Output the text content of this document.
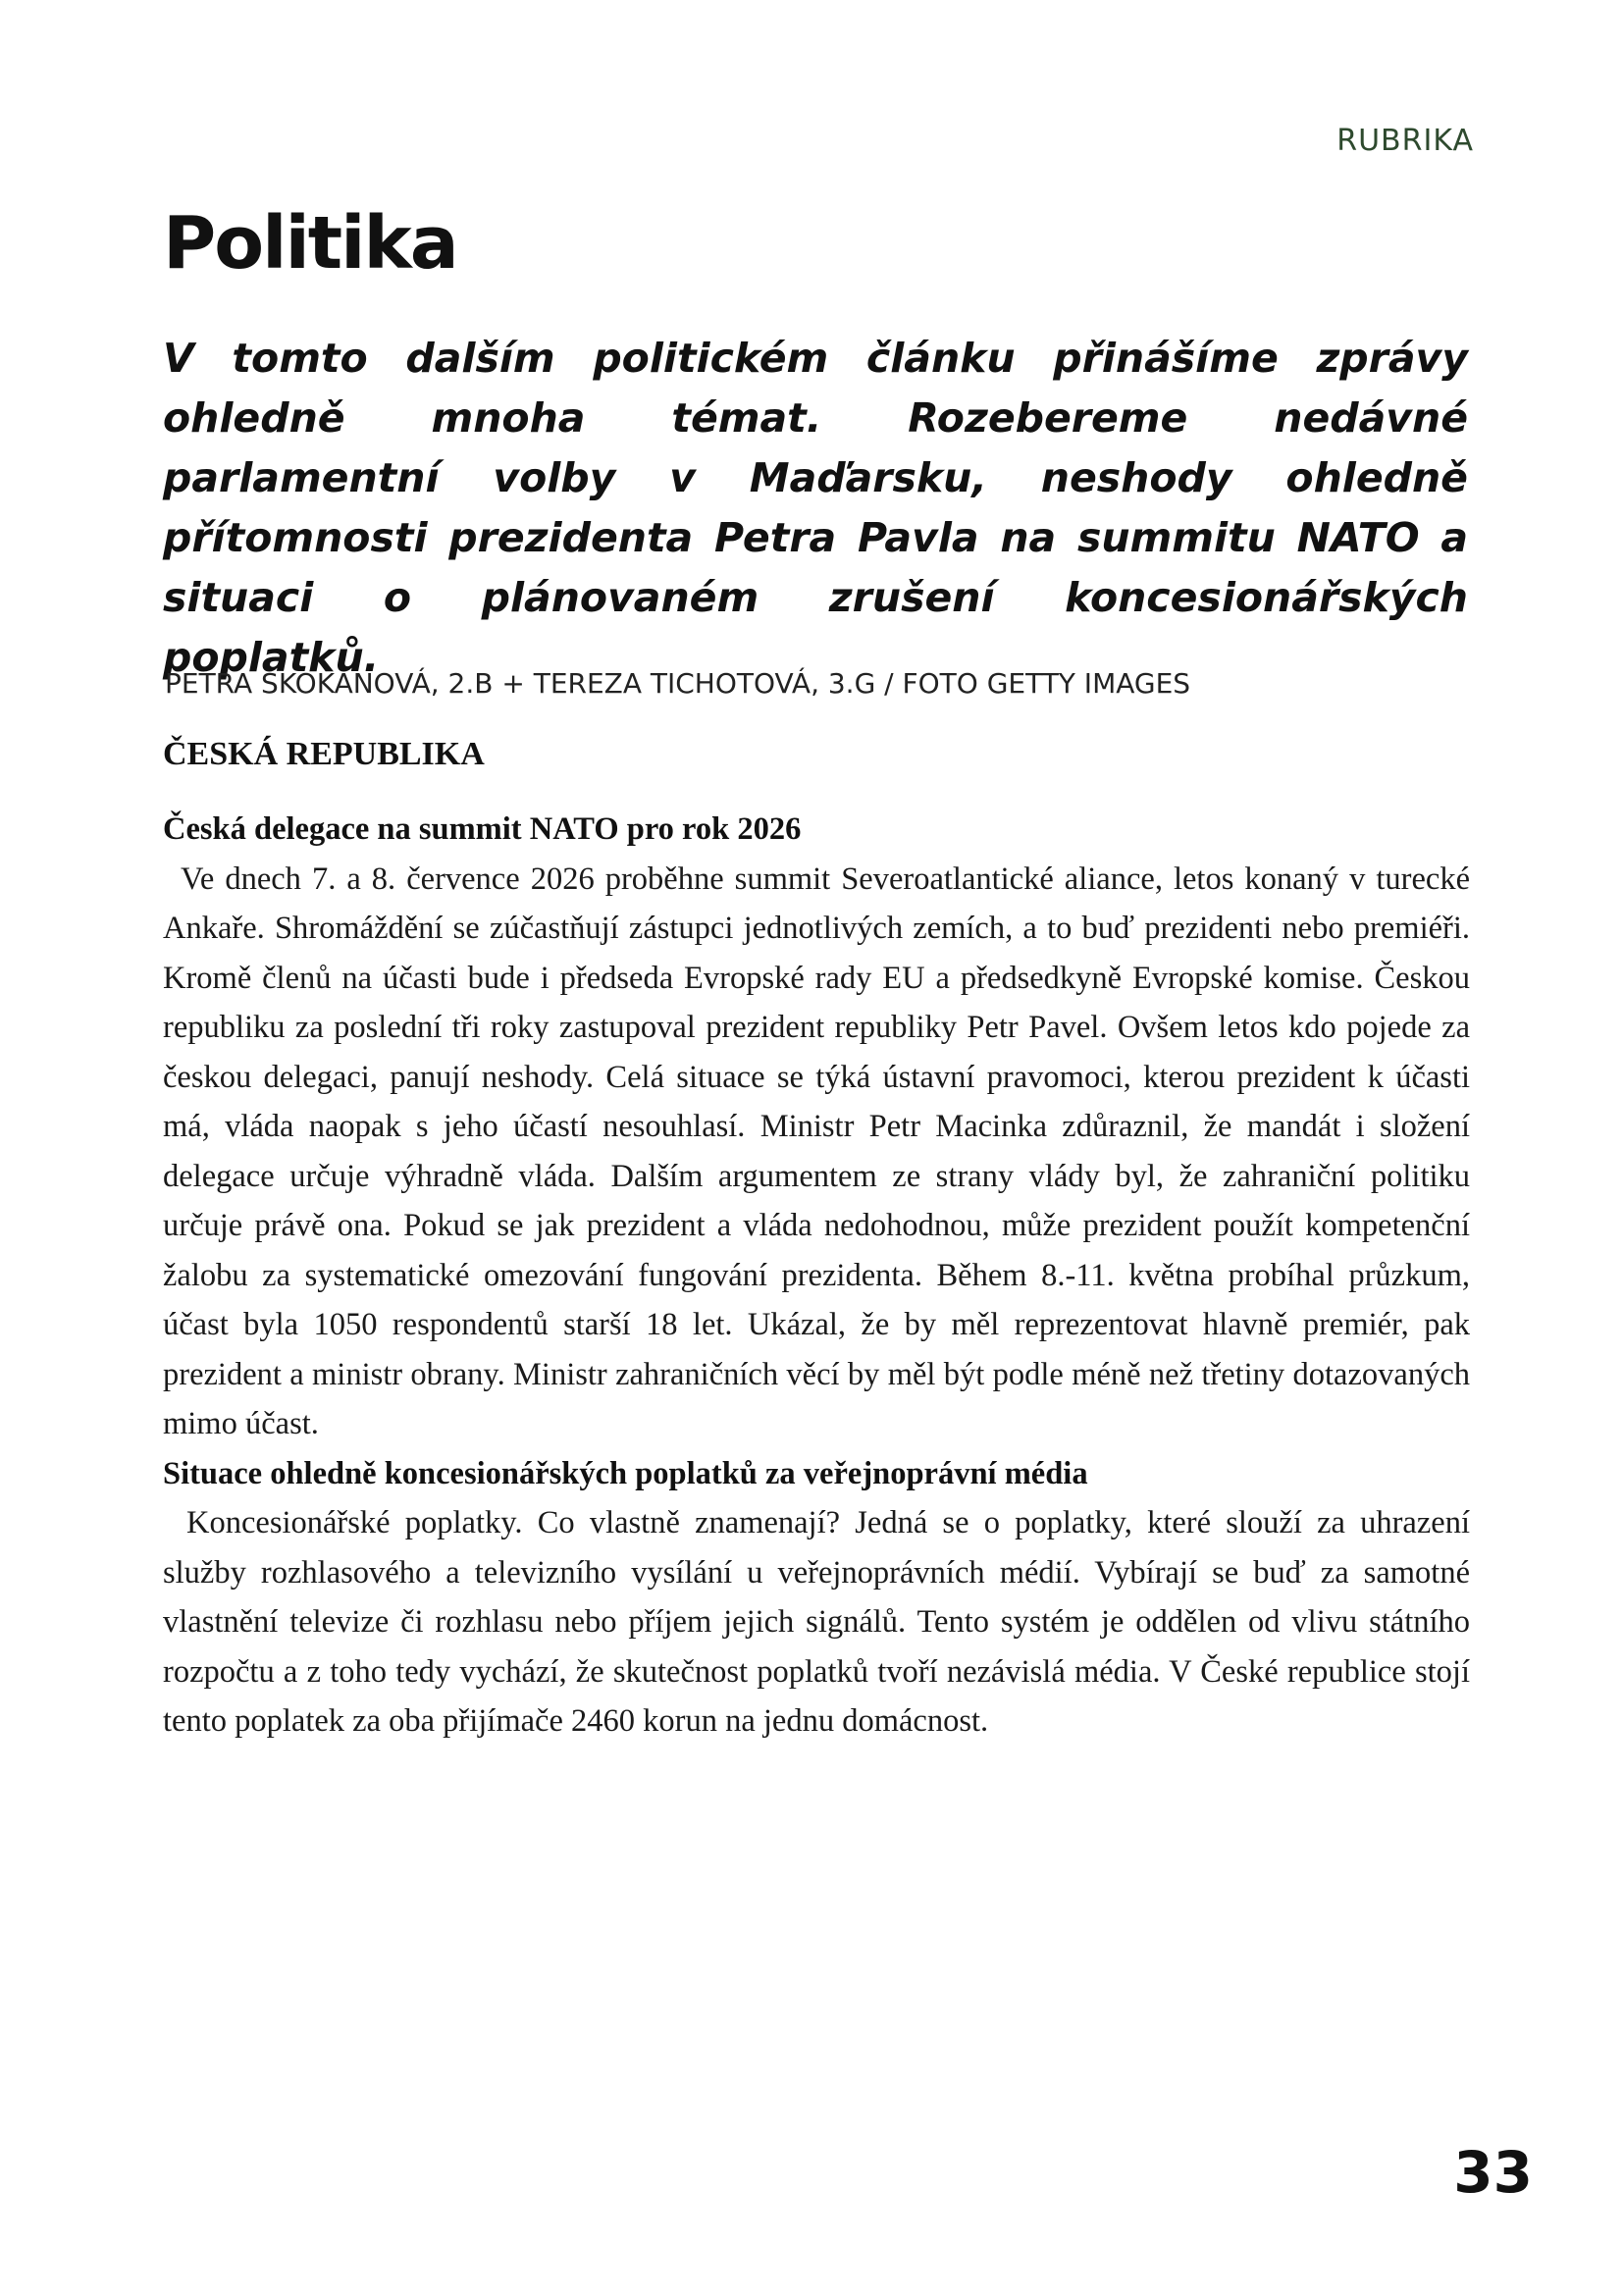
RUBRIKA
Politika

V tomto dalším politickém článku přinášíme zprávy ohledně mnoha témat. Rozebereme nedávné parlamentní volby v Maďarsku, neshody ohledně přítomnosti prezidenta Petra Pavla na summitu NATO a situaci o plánovaném zrušení koncesionářských poplatků.

PETRA SKOKANOVÁ, 2.B + TEREZA TICHOTOVÁ, 3.G / FOTO GETTY IMAGES

ČESKÁ REPUBLIKA
Česká delegace na summit NATO pro rok 2026

Ve dnech 7. a 8. července 2026 proběhne summit Severoatlantické aliance, letos konaný v turecké Ankaře. Shromáždění se zúčastňují zástupci jednotlivých zemích, a to buď prezidenti nebo premiéři. Kromě členů na účasti bude i předseda Evropské rady EU a předsedkyně Evropské komise. Českou republiku za poslední tři roky zastupoval prezident republiky Petr Pavel. Ovšem letos kdo pojede za českou delegaci, panují neshody. Celá situace se týká ústavní pravomoci, kterou prezident k účasti má, vláda naopak s jeho účastí nesouhlasí. Ministr Petr Macinka zdůraznil, že mandát i složení delegace určuje výhradně vláda. Dalším argumentem ze strany vlády byl, že zahraniční politiku určuje právě ona. Pokud se jak prezident a vláda nedohodnou, může prezident použít kompetenční žalobu za systematické omezování fungování prezidenta. Během 8.-11. května probíhal průzkum, účast byla 1050 respondentů starší 18 let. Ukázal, že by měl reprezentovat hlavně premiér, pak prezident a ministr obrany. Ministr zahraničních věcí by měl být podle méně než třetiny dotazovaných mimo účast.

Situace ohledně koncesionářských poplatků za veřejnoprávní média

Koncesionářské poplatky. Co vlastně znamenají? Jedná se o poplatky, které slouží za uhrazení služby rozhlasového a televizního vysílání u veřejnoprávních médií. Vybírají se buď za samotné vlastnění televize či rozhlasu nebo příjem jejich signálů. Tento systém je oddělen od vlivu státního rozpočtu a z toho tedy vychází, že skutečnost poplatků tvoří nezávislá média. V České republice stojí tento poplatek za oba přijímače 2460 korun na jednu domácnost.

33
